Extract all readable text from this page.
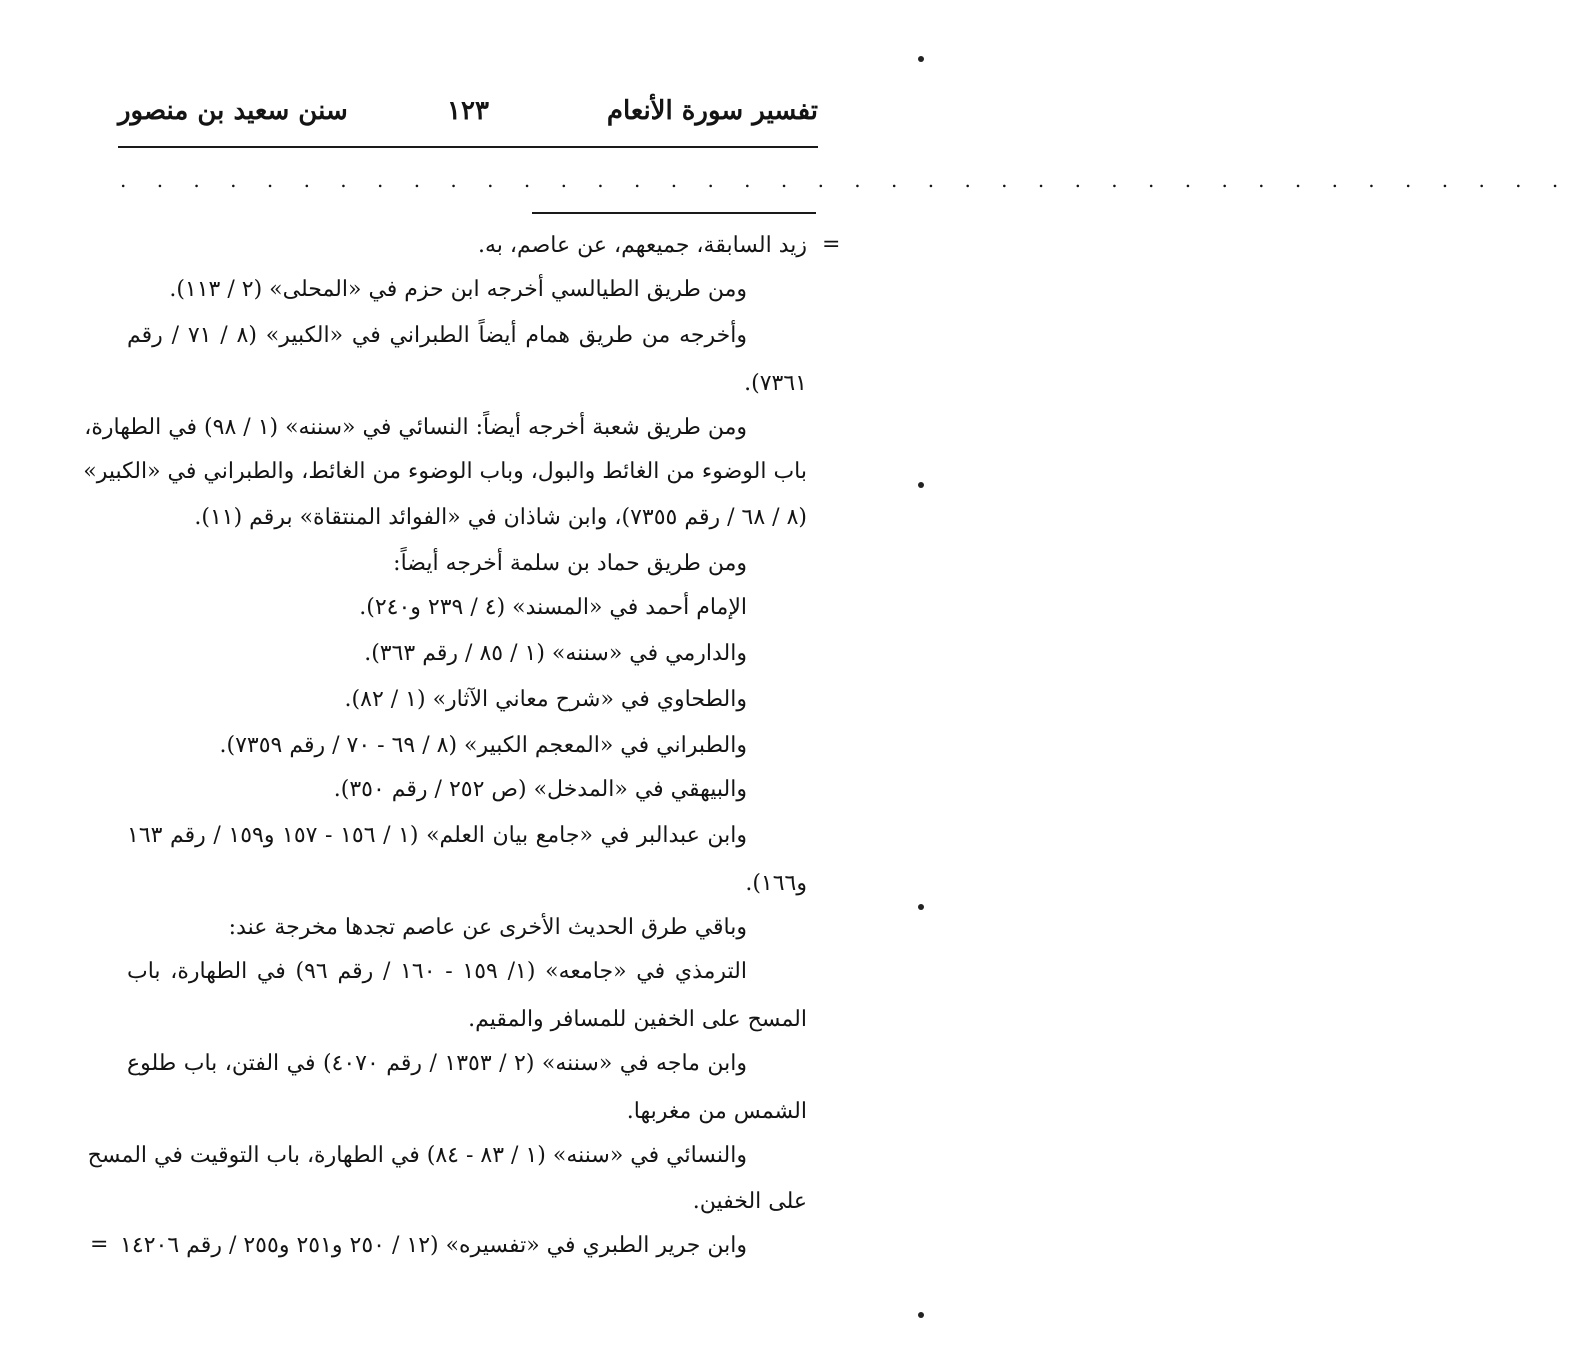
تفسير سورة الأنعام
١٢٣
سنن سعيد بن منصور
. . . . . . . . . . . . . . . . . . . . . . . . . . . . . . . . . . . . . . . .
=
زيد السابقة، جميعهم، عن عاصم، به.
ومن طريق الطيالسي أخرجه ابن حزم في «المحلى» (٢ / ١١٣).
وأخرجه من طريق همام أيضاً الطبراني في «الكبير» (٨ / ٧١ / رقم
٧٣٦١).
ومن طريق شعبة أخرجه أيضاً: النسائي في «سننه» (١ / ٩٨) في الطهارة،
باب الوضوء من الغائط والبول، وباب الوضوء من الغائط، والطبراني في «الكبير»
(٨ / ٦٨ / رقم ٧٣٥٥)، وابن شاذان في «الفوائد المنتقاة» برقم (١١).
ومن طريق حماد بن سلمة أخرجه أيضاً:
الإمام أحمد في «المسند» (٤ / ٢٣٩ و٢٤٠).
والدارمي في «سننه» (١ / ٨٥ / رقم ٣٦٣).
والطحاوي في «شرح معاني الآثار» (١ / ٨٢).
والطبراني في «المعجم الكبير» (٨ / ٦٩ - ٧٠ / رقم ٧٣٥٩).
والبيهقي في «المدخل» (ص ٢٥٢ / رقم ٣٥٠).
وابن عبدالبر في «جامع بيان العلم» (١ / ١٥٦ - ١٥٧ و١٥٩ / رقم ١٦٣
و١٦٦).
وباقي طرق الحديث الأخرى عن عاصم تجدها مخرجة عند:
الترمذي في «جامعه» (١/ ١٥٩ - ١٦٠ / رقم ٩٦) في الطهارة، باب
المسح على الخفين للمسافر والمقيم.
وابن ماجه في «سننه» (٢ / ١٣٥٣ / رقم ٤٠٧٠) في الفتن، باب طلوع
الشمس من مغربها.
والنسائي في «سننه» (١ / ٨٣ - ٨٤) في الطهارة، باب التوقيت في المسح
على الخفين.
وابن جرير الطبري في «تفسيره» (١٢ / ٢٥٠ و٢٥١ و٢٥٥ / رقم ١٤٢٠٦
=
